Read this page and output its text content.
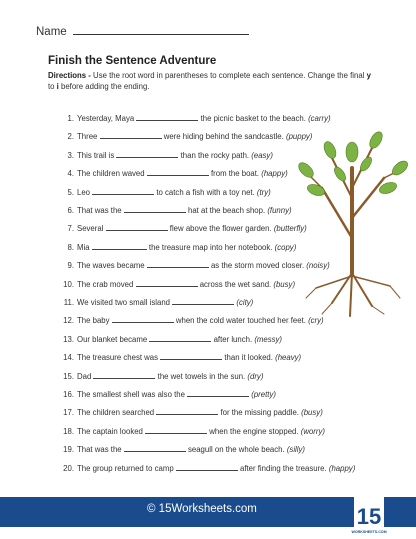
Name
Finish the Sentence Adventure
Directions - Use the root word in parentheses to complete each sentence. Change the final y to i before adding the ending.
1. Yesterday, Maya	the picnic basket to the beach. (carry)
2. Three	were hiding behind the sandcastle. (puppy)
3. This trail is	than the rocky path. (easy)
4. The children waved	from the boat. (happy)
5. Leo	to catch a fish with a toy net. (try)
6. That was the	hat at the beach shop. (funny)
7. Several	flew above the flower garden. (butterfly)
8. Mia	the treasure map into her notebook. (copy)
9. The waves became	as the storm moved closer. (noisy)
10. The crab moved	across the wet sand. (busy)
11. We visited two small island	(city)
12. The baby	when the cold water touched her feet. (cry)
13. Our blanket became	after lunch. (messy)
14. The treasure chest was	than it looked. (heavy)
15. Dad	the wet towels in the sun. (dry)
16. The smallest shell was also the	(pretty)
17. The children searched	for the missing paddle. (busy)
18. The captain looked	when the engine stopped. (worry)
19. That was the	seagull on the whole beach. (silly)
20. The group returned to camp	after finding the treasure. (happy)
© 15Worksheets.com	15
WORKSHEETS.COM
